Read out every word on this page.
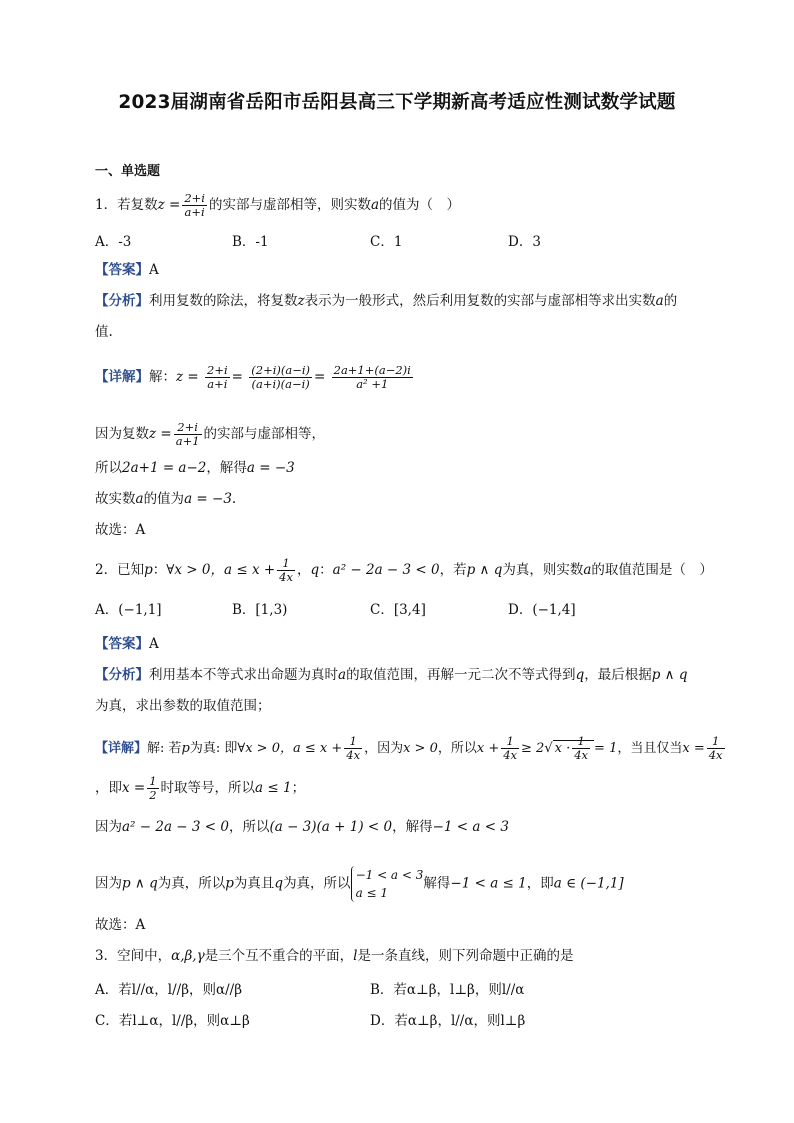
2023届湖南省岳阳市岳阳县高三下学期新高考适应性测试数学试题
一、单选题
1．若复数$z = \frac{2+i}{a+i}$ 的实部与虚部相等，则实数a的值为（　）
A．-3	B．-1	C．1	D．3
【答案】A
【分析】利用复数的除法，将复数z表示为一般形式，然后利用复数的实部与虚部相等求出实数a的
值.
【详解】解：$z = \frac{2+i}{a+i} = \frac{(2+i)(a-i)}{(a+i)(a-i)} = \frac{2a+1+(a-2)i}{\text{a² +1}}$
因为复数$z = \frac{2+i}{a+1}$ 的实部与虚部相等，
所以2a+1 = a−2，解得a = −3
故实数a的值为a = −3.
故选：A
2．已知p：∀x > 0，$a \le x + \frac{1}{4x}$ ，q：a² − 2a − 3 < 0，若p ∧ q为真，则实数a的取值范围是（　）
A．(−1,1]	B．[1,3)	C．[3,4]	D．(−1,4]
【答案】A
【分析】利用基本不等式求出命题为真时a的取值范围，再解一元二次不等式得到q，最后根据p ∧ q
为真，求出参数的取值范围；
【详解】解: 若p为真: 即∀x > 0，$a \le x + \frac{1}{4x}$ ，因为x > 0，所以$x + \frac{1}{4x} \ge 2√$ $x \cdot \frac{1}{4x} = 1$，当且仅当$x = \frac{1}{4x}$
，即$x = \frac{1}{2}$ 时取等号，所以a ≤ 1；
因为a² − 2a − 3 < 0，所以(a − 3)(a + 1) < 0，解得−1 < a < 3
因为p ∧ q为真，所以p为真且q为真，所以
−1 < a < 3
a ≤ 1
解得−1 < a ≤ 1，即a ∈ (−1,1]
故选：A
3．空间中，α,β,γ是三个互不重合的平面，l是一条直线，则下列命题中正确的是
A．若l//α，l//β，则α//β	B．若α⊥β，l⊥β，则l//α
C．若l⊥α，l//β，则α⊥β	D．若α⊥β，l//α，则l⊥β
